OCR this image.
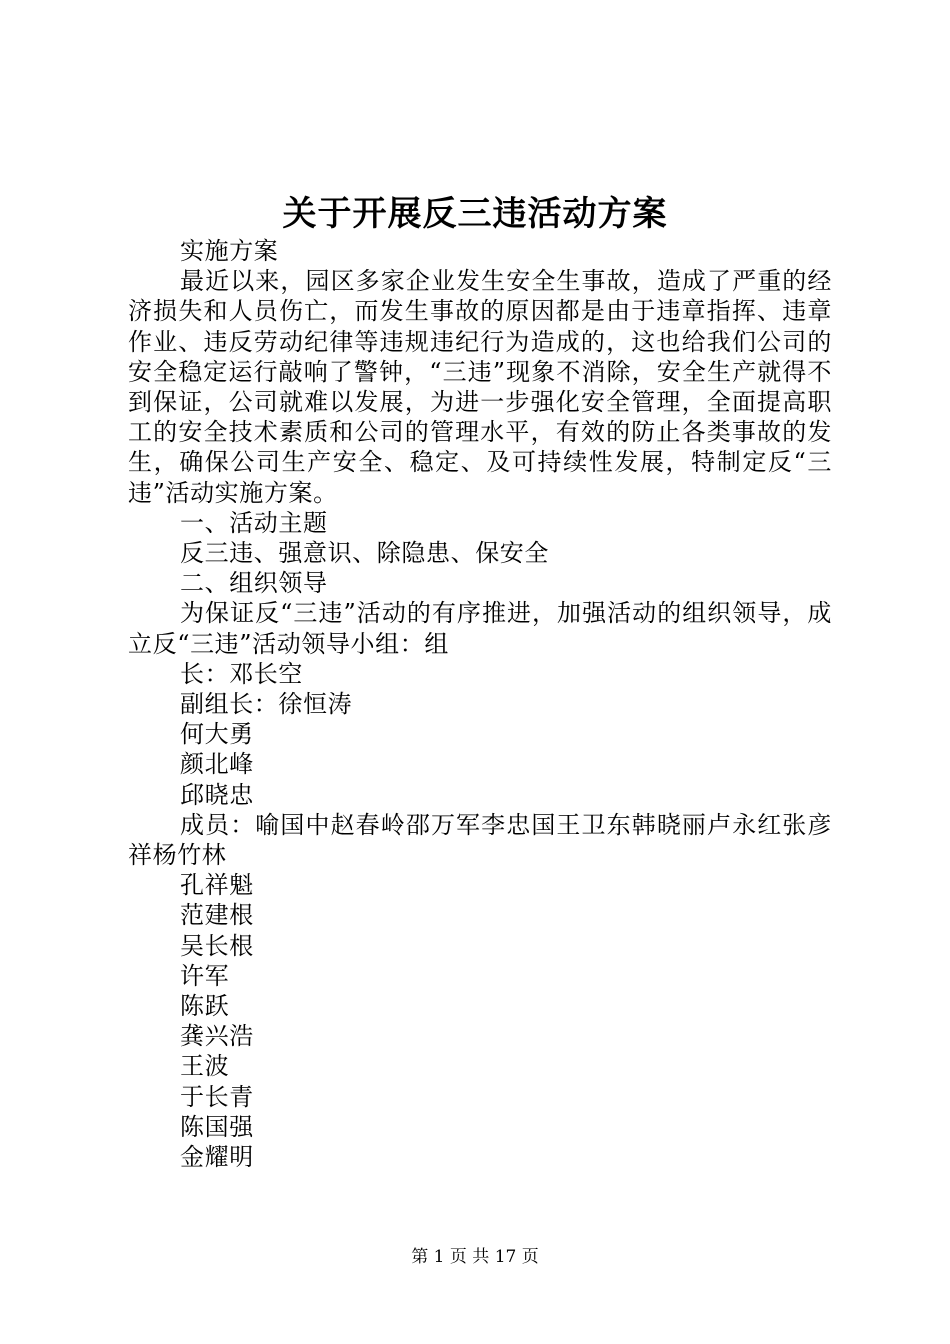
关于开展反三违活动方案

实施方案

最近以来，园区多家企业发生安全生事故，造成了严重的经济损失和人员伤亡，而发生事故的原因都是由于违章指挥、违章作业、违反劳动纪律等违规违纪行为造成的，这也给我们公司的安全稳定运行敲响了警钟，“三违”现象不消除，安全生产就得不到保证，公司就难以发展，为进一步强化安全管理，全面提高职工的安全技术素质和公司的管理水平，有效的防止各类事故的发生，确保公司生产安全、稳定、及可持续性发展，特制定反“三违”活动实施方案。

一、活动主题

反三违、强意识、除隐患、保安全

二、组织领导

为保证反“三违”活动的有序推进，加强活动的组织领导，成立反“三违”活动领导小组：组

长：邓长空

副组长：徐恒涛

何大勇

颜北峰

邱晓忠

成员：喻国中赵春岭邵万军李忠国王卫东韩晓丽卢永红张彦祥杨竹林

孔祥魁

范建根

吴长根

许军

陈跃

龚兴浩

王波

于长青

陈国强

金耀明

第 1 页 共 17 页
